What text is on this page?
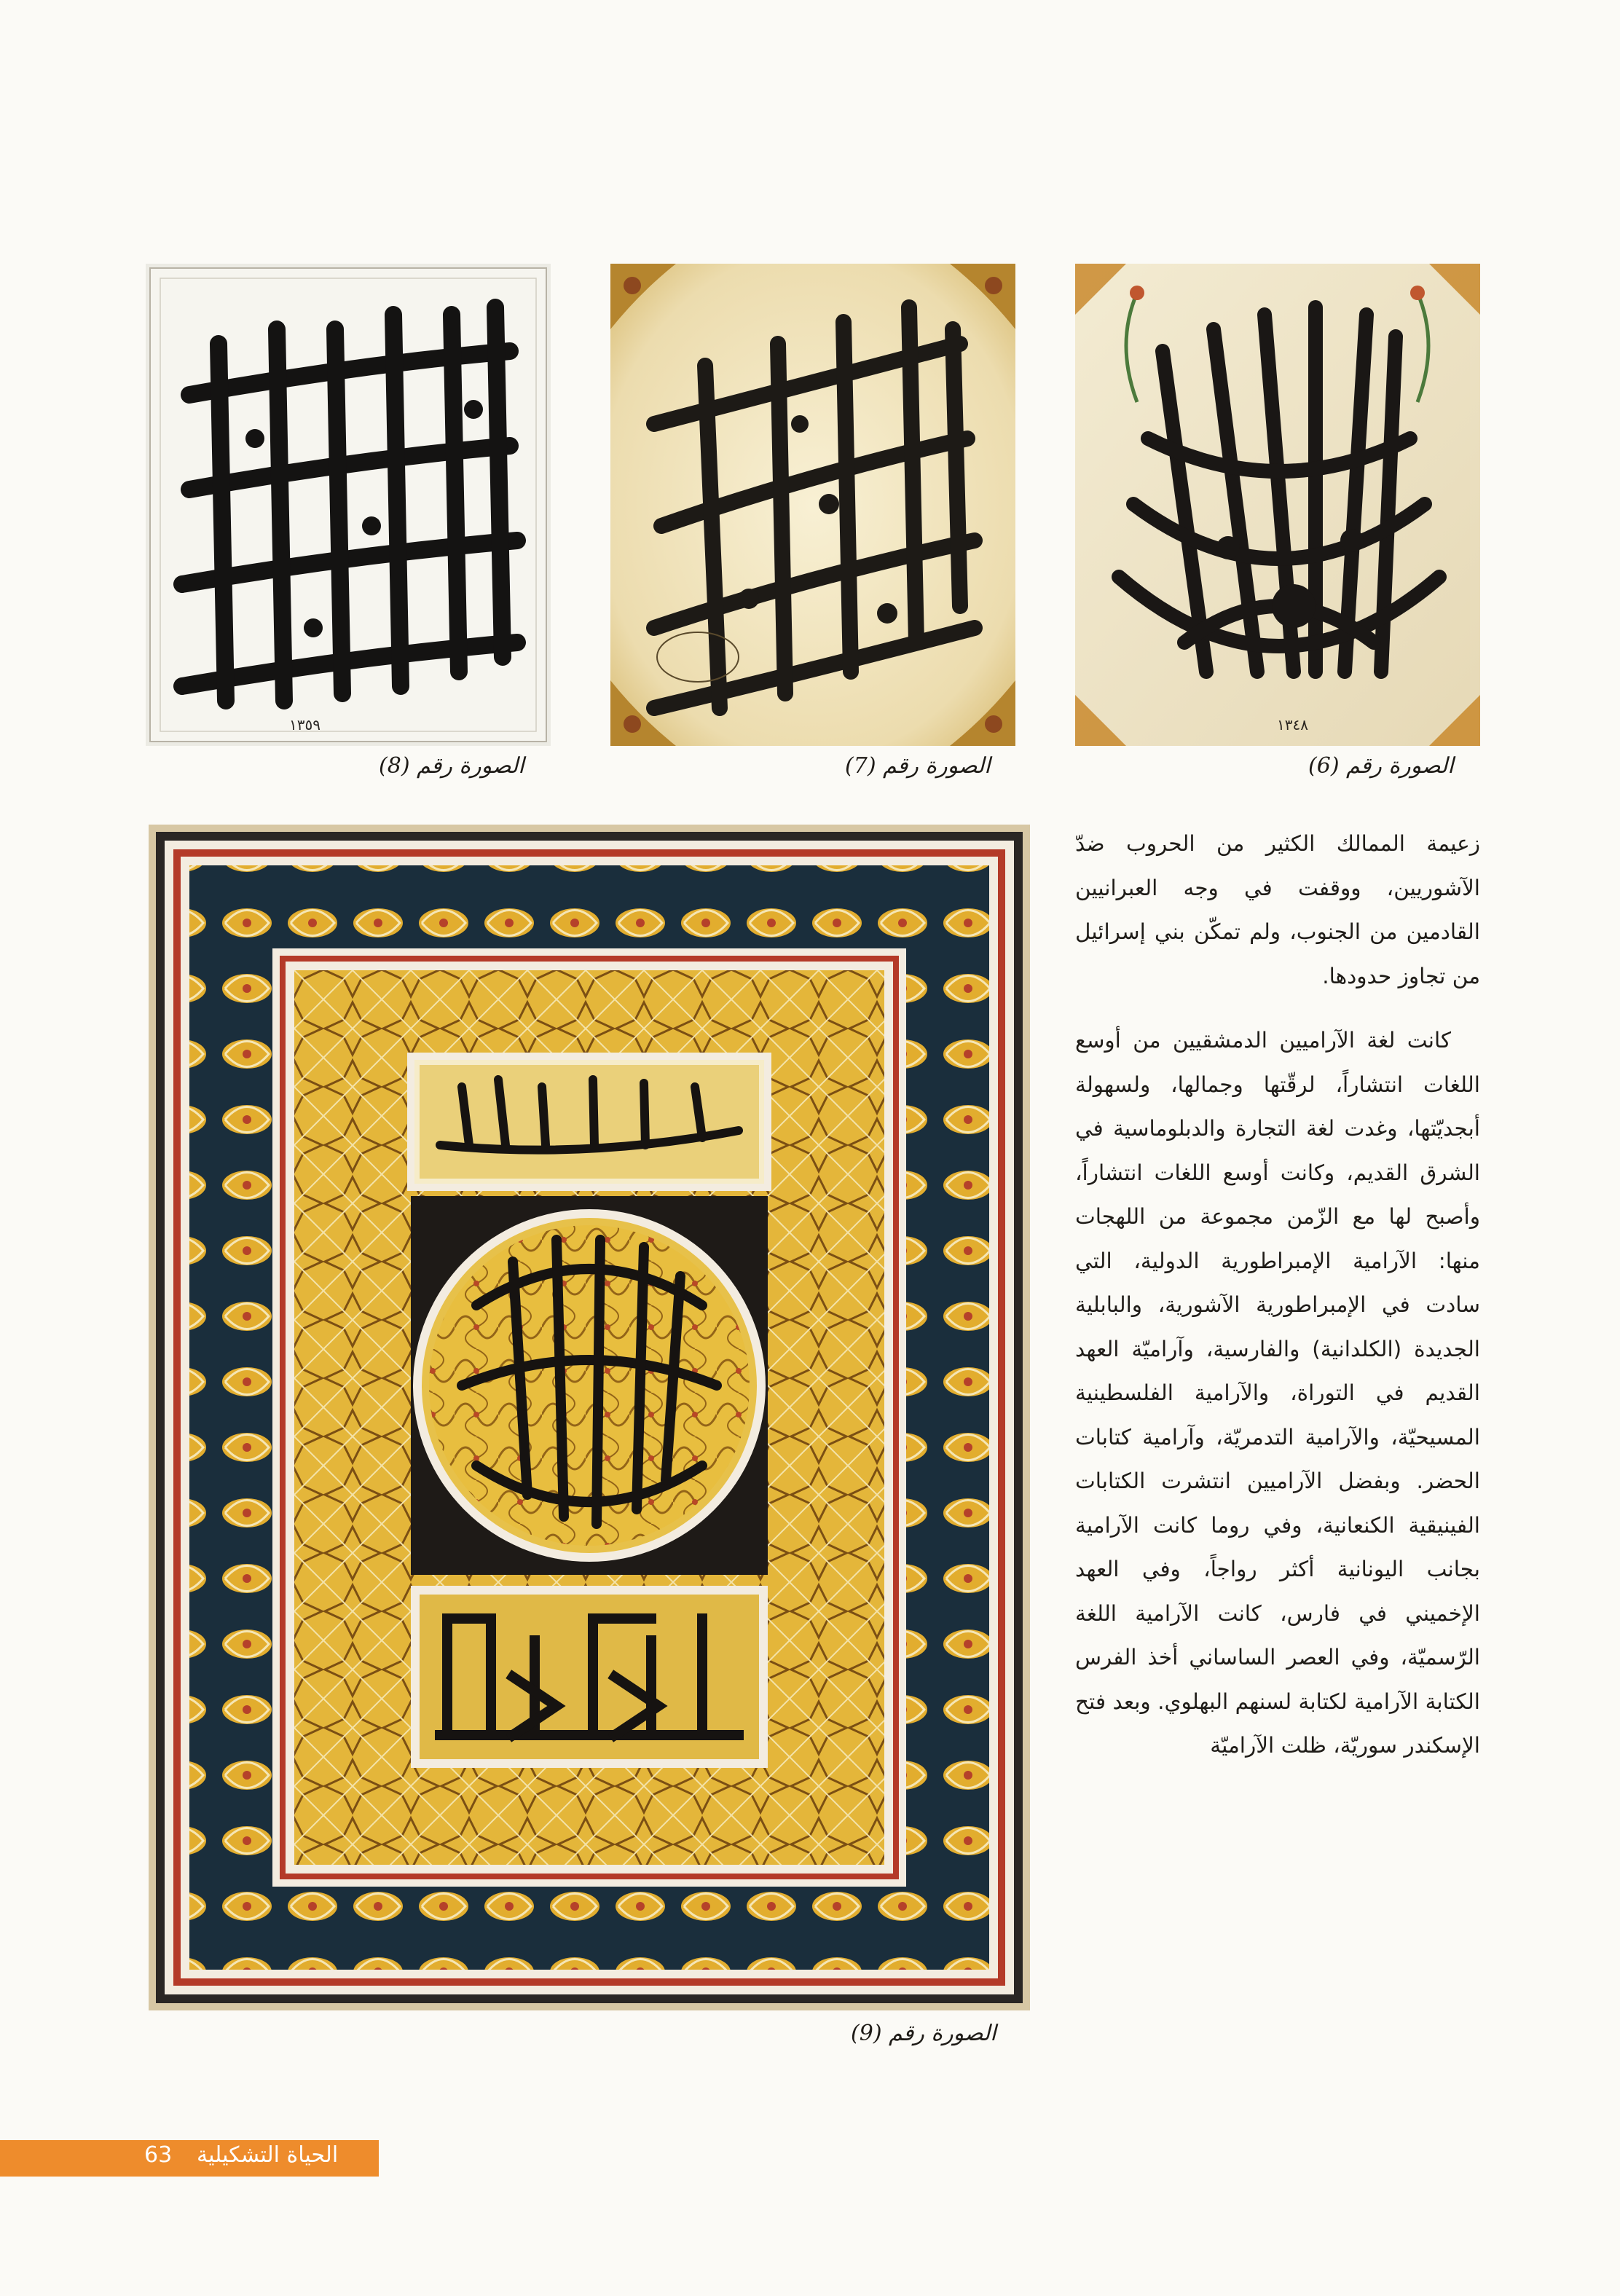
١٣٤٨
١٣٥٩
الصورة رقم (6)
الصورة رقم (7)
الصورة رقم (8)
الصورة رقم (9)

زعيمة الممالك الكثير من الحروب ضدّ الآشوريين، ووقفت في وجه العبرانيين القادمين من الجنوب، ولم تمكّن بني إسرائيل من تجاوز حدودها.

كانت لغة الآراميين الدمشقيين من أوسع اللغات انتشاراً، لرقّتها وجمالها، ولسهولة أبجديّتها، وغدت لغة التجارة والدبلوماسية في الشرق القديم، وكانت أوسع اللغات انتشاراً، وأصبح لها مع الزّمن مجموعة من اللهجات منها: الآرامية الإمبراطورية الدولية، التي سادت في الإمبراطورية الآشورية، والبابلية الجديدة (الكلدانية) والفارسية، وآراميّة العهد القديم في التوراة، والآرامية الفلسطينية المسيحيّة، والآرامية التدمريّة، وآرامية كتابات الحضر. وبفضل الآراميين انتشرت الكتابات الفينيقية الكنعانية، وفي روما كانت الآرامية بجانب اليونانية أكثر رواجاً، وفي العهد الإخميني في فارس، كانت الآرامية اللغة الرّسميّة، وفي العصر الساساني أخذ الفرس الكتابة الآرامية لكتابة لسنهم البهلوي. وبعد فتح الإسكندر سوريّة، ظلت الآراميّة

الحياة التشكيلية
63
